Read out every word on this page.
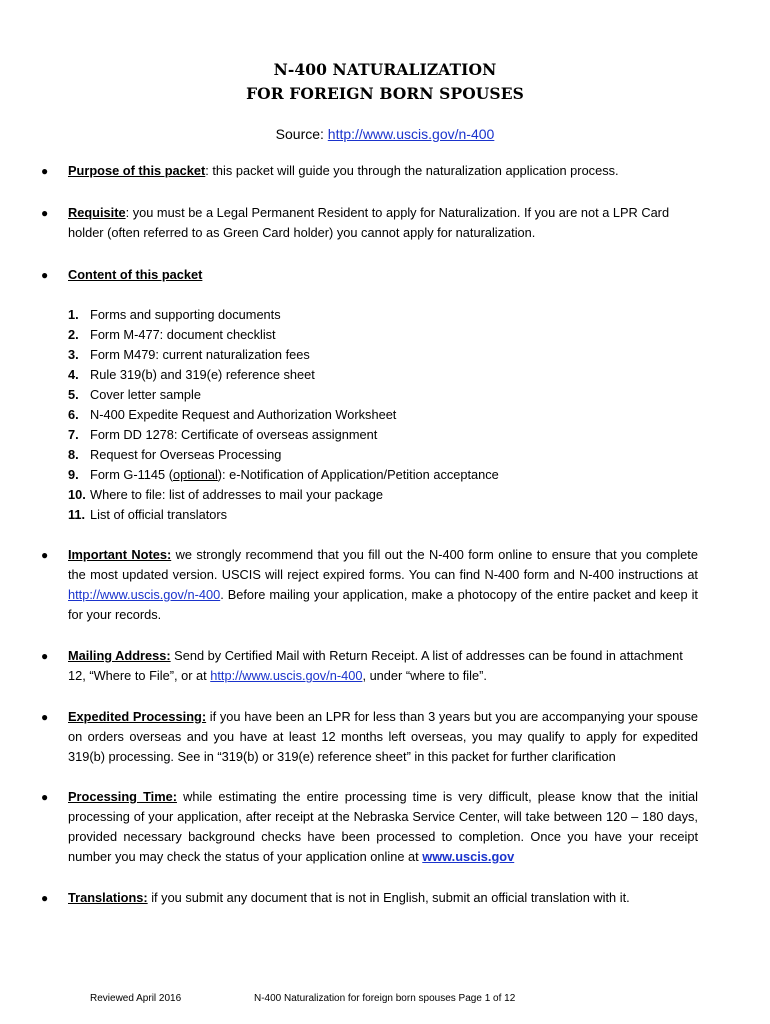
N-400 NATURALIZATION
FOR FOREIGN BORN SPOUSES
Source: http://www.uscis.gov/n-400
● Purpose of this packet: this packet will guide you through the naturalization application process.
● Requisite: you must be a Legal Permanent Resident to apply for Naturalization. If you are not a LPR Card holder (often referred to as Green Card holder) you cannot apply for naturalization.
● Content of this packet
1. Forms and supporting documents
2. Form M-477: document checklist
3. Form M479: current naturalization fees
4. Rule 319(b) and 319(e) reference sheet
5. Cover letter sample
6. N-400 Expedite Request and Authorization Worksheet
7. Form DD 1278: Certificate of overseas assignment
8. Request for Overseas Processing
9. Form G-1145 (optional): e-Notification of Application/Petition acceptance
10. Where to file: list of addresses to mail your package
11. List of official translators
● Important Notes: we strongly recommend that you fill out the N-400 form online to ensure that you complete the most updated version. USCIS will reject expired forms. You can find N-400 form and N-400 instructions at http://www.uscis.gov/n-400. Before mailing your application, make a photocopy of the entire packet and keep it for your records.
● Mailing Address: Send by Certified Mail with Return Receipt. A list of addresses can be found in attachment 12, “Where to File”, or at http://www.uscis.gov/n-400, under “where to file”.
● Expedited Processing: if you have been an LPR for less than 3 years but you are accompanying your spouse on orders overseas and you have at least 12 months left overseas, you may qualify to apply for expedited 319(b) processing. See in “319(b) or 319(e) reference sheet” in this packet for further clarification
● Processing Time: while estimating the entire processing time is very difficult, please know that the initial processing of your application, after receipt at the Nebraska Service Center, will take between 120 – 180 days, provided necessary background checks have been processed to completion. Once you have your receipt number you may check the status of your application online at www.uscis.gov
● Translations: if you submit any document that is not in English, submit an official translation with it.
Reviewed April 2016	N-400 Naturalization for foreign born spouses Page 1 of 12
